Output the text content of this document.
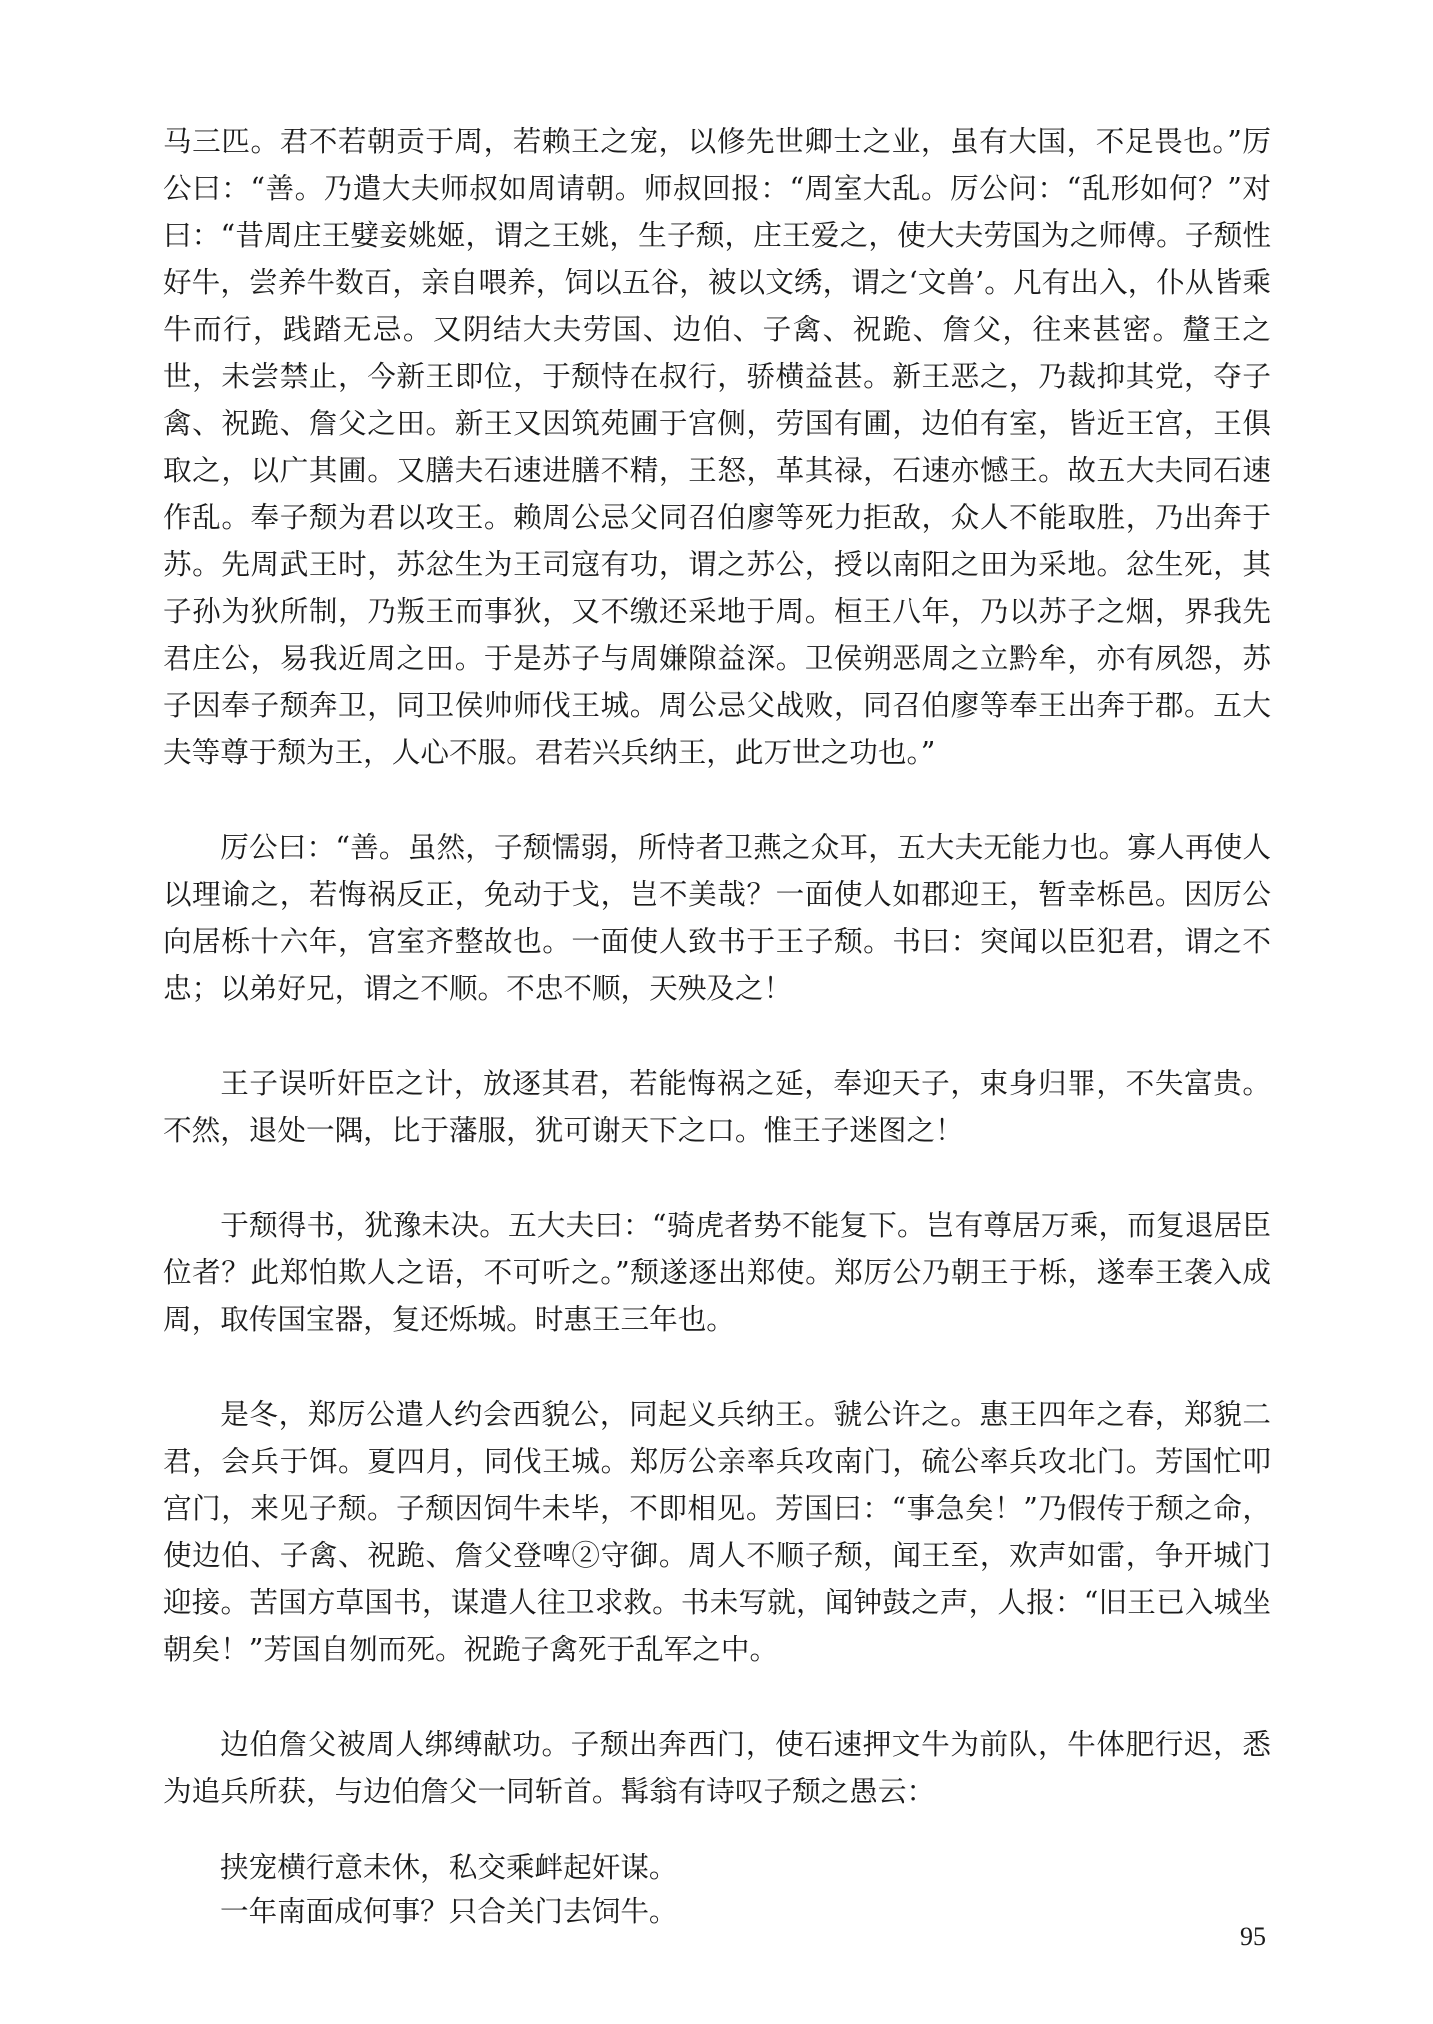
马三匹。君不若朝贡于周，若赖王之宠，以修先世卿士之业，虽有大国，不足畏也。”厉公曰：“善。乃遣大夫师叔如周请朝。师叔回报：“周室大乱。厉公问：“乱形如何？”对曰：“昔周庄王嬖妾姚姬，谓之王姚，生子颓，庄王爱之，使大夫劳国为之师傅。子颓性好牛，尝养牛数百，亲自喂养，饲以五谷，被以文绣，谓之‘文兽’。凡有出入，仆从皆乘牛而行，践踏无忌。又阴结大夫劳国、边伯、子禽、祝跪、詹父，往来甚密。釐王之世，未尝禁止，今新王即位，于颓恃在叔行，骄横益甚。新王恶之，乃裁抑其党，夺子禽、祝跪、詹父之田。新王又因筑苑圃于宫侧，劳国有圃，边伯有室，皆近王宫，王俱取之，以广其圃。又膳夫石速进膳不精，王怒，革其禄，石速亦憾王。故五大夫同石速作乱。奉子颓为君以攻王。赖周公忌父同召伯廖等死力拒敌，众人不能取胜，乃出奔于苏。先周武王时，苏忿生为王司寇有功，谓之苏公，授以南阳之田为采地。忿生死，其子孙为狄所制，乃叛王而事狄，又不缴还采地于周。桓王八年，乃以苏子之烟，界我先君庄公，易我近周之田。于是苏子与周嫌隙益深。卫侯朔恶周之立黔牟，亦有夙怨，苏子因奉子颓奔卫，同卫侯帅师伐王城。周公忌父战败，同召伯廖等奉王出奔于郡。五大夫等尊于颓为王，人心不服。君若兴兵纳王，此万世之功也。”

厉公曰：“善。虽然，子颓懦弱，所恃者卫燕之众耳，五大夫无能力也。寡人再使人以理谕之，若悔祸反正，免动于戈，岂不美哉？一面使人如郡迎王，暂幸栎邑。因厉公向居栎十六年，宫室齐整故也。一面使人致书于王子颓。书曰：突闻以臣犯君，谓之不忠；以弟好兄，谓之不顺。不忠不顺，天殃及之！

王子误听奸臣之计，放逐其君，若能悔祸之延，奉迎天子，束身归罪，不失富贵。不然，退处一隅，比于藩服，犹可谢天下之口。惟王子迷图之！

于颓得书，犹豫未决。五大夫曰：“骑虎者势不能复下。岂有尊居万乘，而复退居臣位者？此郑怕欺人之语，不可听之。”颓遂逐出郑使。郑厉公乃朝王于栎，遂奉王袭入成周，取传国宝器，复还烁城。时惠王三年也。

是冬，郑厉公遣人约会西貌公，同起义兵纳王。虢公许之。惠王四年之春，郑貌二君，会兵于饵。夏四月，同伐王城。郑厉公亲率兵攻南门，硫公率兵攻北门。芳国忙叩宫门，来见子颓。子颓因饲牛未毕，不即相见。芳国曰：“事急矣！”乃假传于颓之命，使边伯、子禽、祝跪、詹父登啤②守御。周人不顺子颓，闻王至，欢声如雷，争开城门迎接。苦国方草国书，谋遣人往卫求救。书未写就，闻钟鼓之声，人报：“旧王已入城坐朝矣！”芳国自刎而死。祝跪子禽死于乱军之中。

边伯詹父被周人绑缚献功。子颓出奔西门，使石速押文牛为前队，牛体肥行迟，悉为追兵所获，与边伯詹父一同斩首。髯翁有诗叹子颓之愚云：

挟宠横行意未休，私交乘衅起奸谋。

一年南面成何事？只合关门去饲牛。

95
